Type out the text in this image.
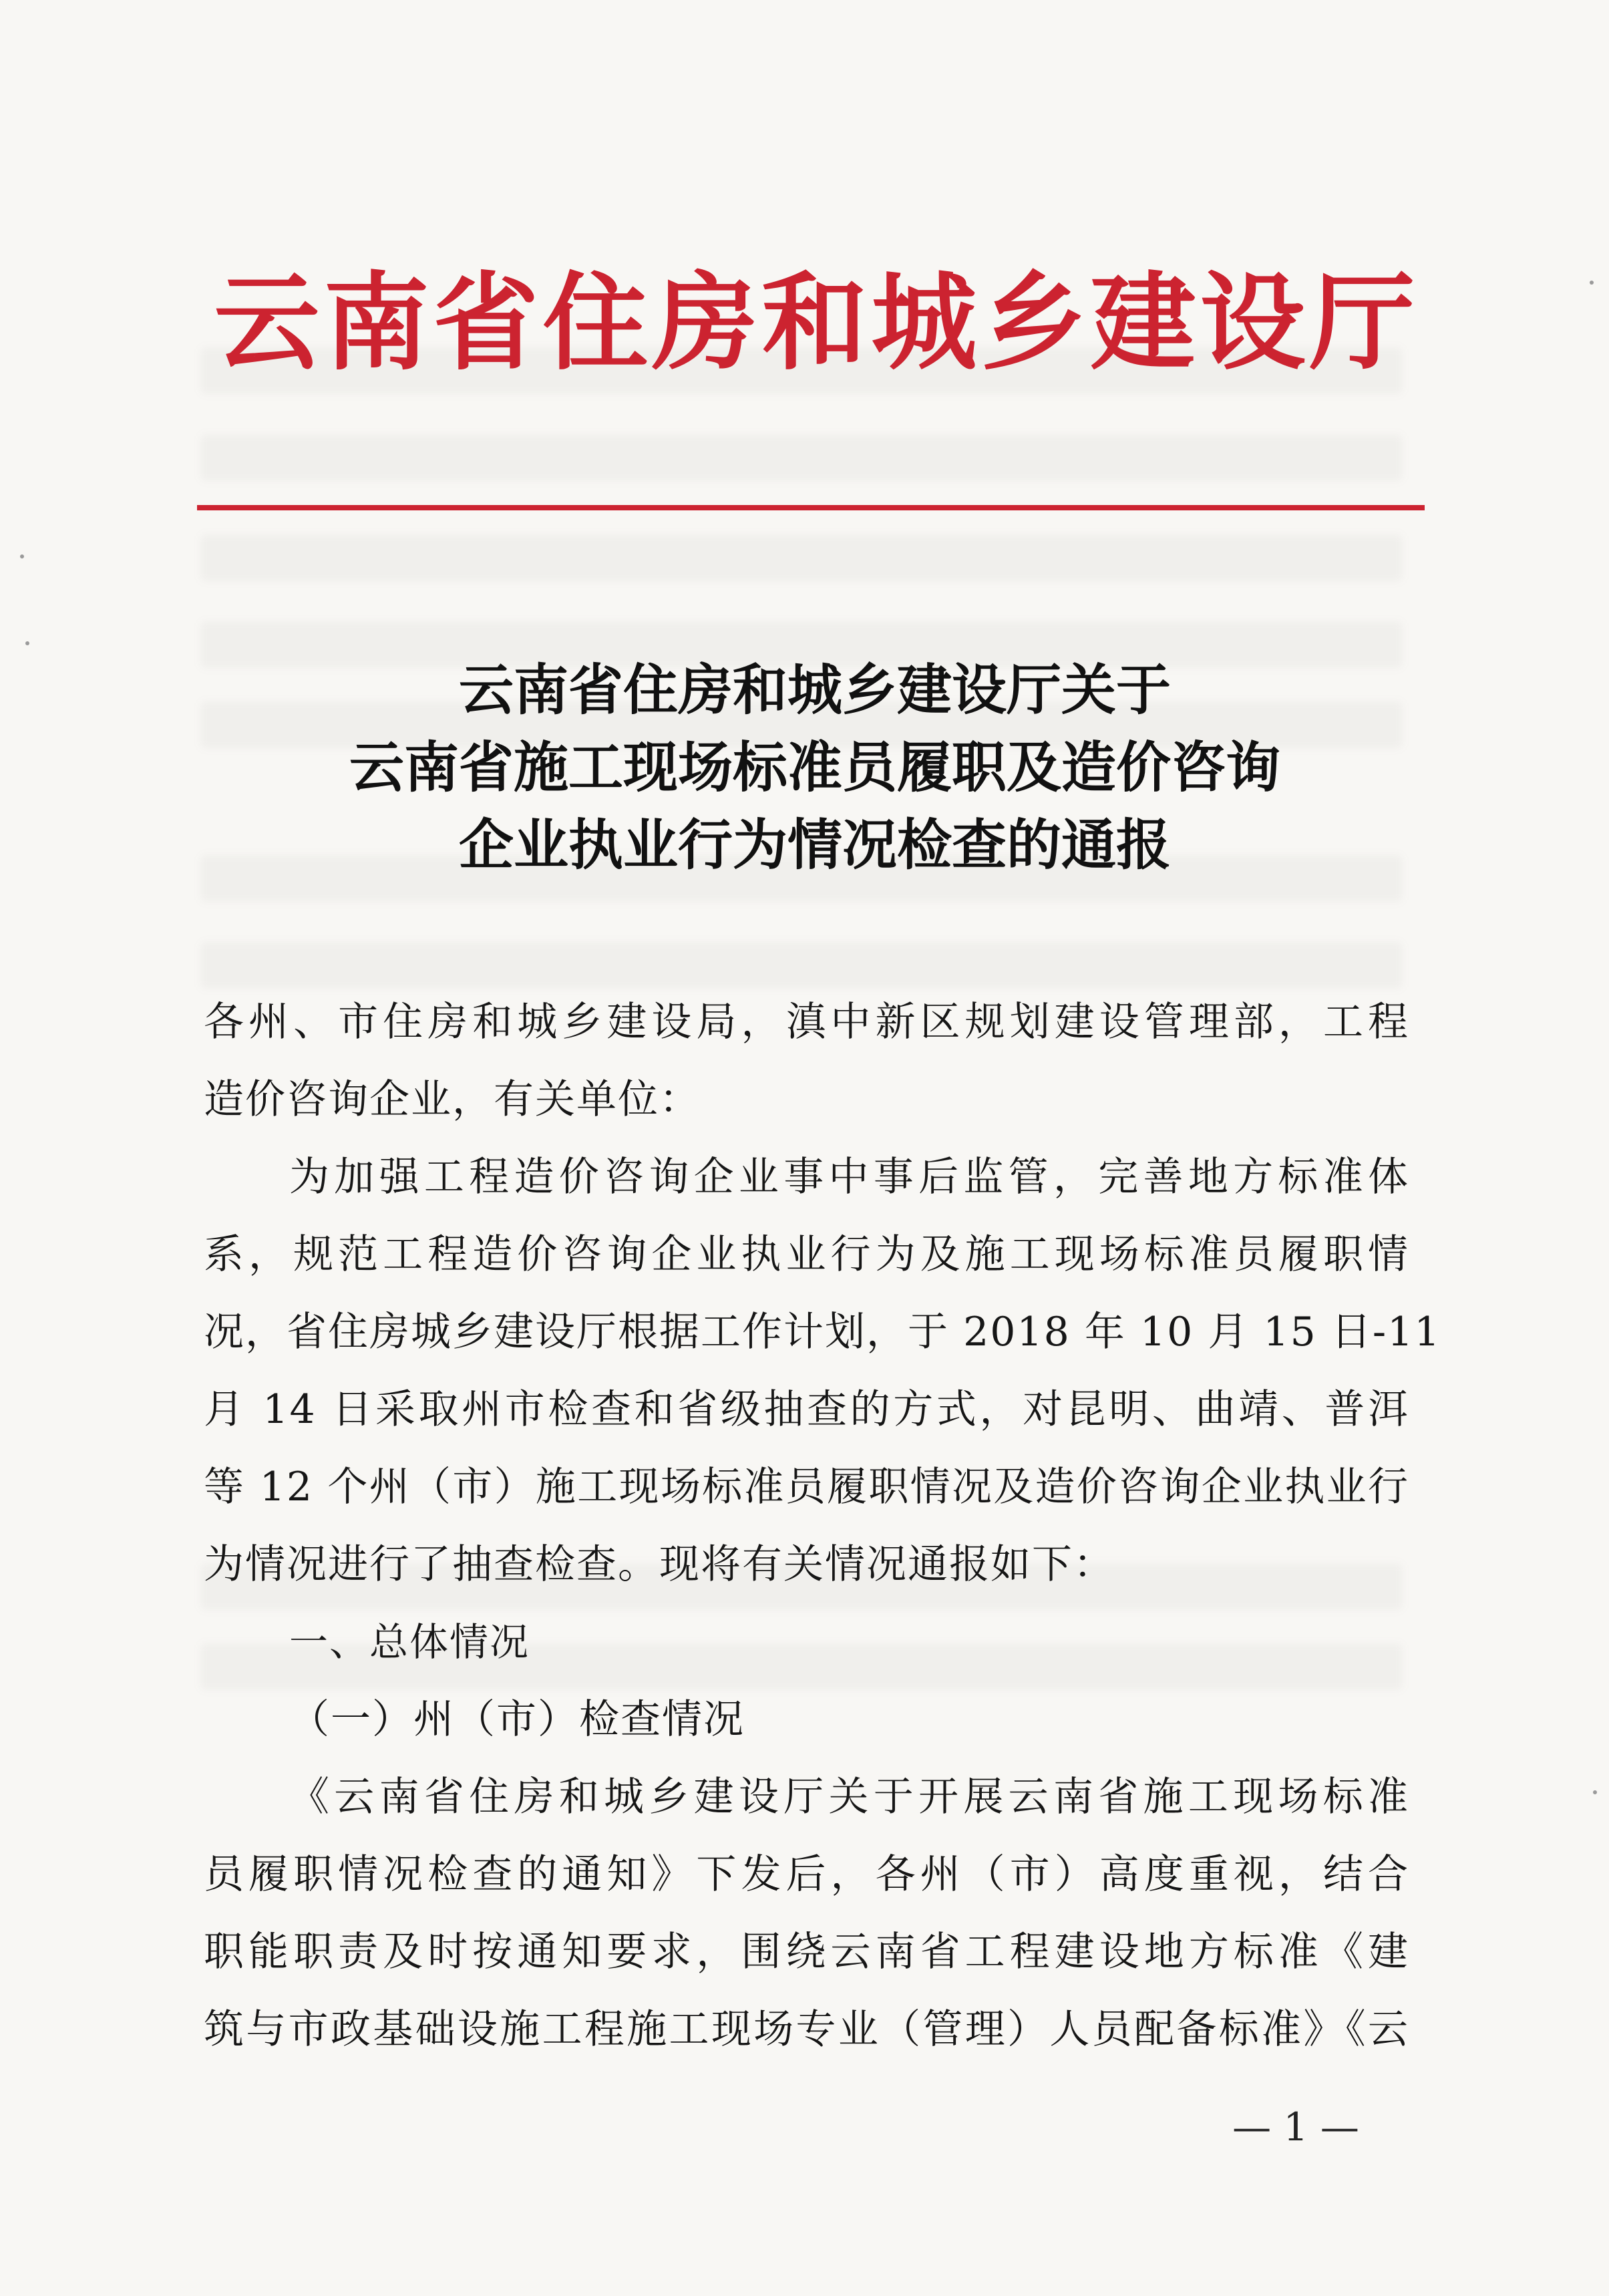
云南省住房和城乡建设厅
云南省住房和城乡建设厅关于
云南省施工现场标准员履职及造价咨询
企业执业行为情况检查的通报
各州、市住房和城乡建设局，滇中新区规划建设管理部，工程
造价咨询企业，有关单位：
为加强工程造价咨询企业事中事后监管，完善地方标准体
系，规范工程造价咨询企业执业行为及施工现场标准员履职情
况，省住房城乡建设厅根据工作计划，于 2018 年 10 月 15 日-11
月 14 日采取州市检查和省级抽查的方式，对昆明、曲靖、普洱
等 12 个州（市）施工现场标准员履职情况及造价咨询企业执业行
为情况进行了抽查检查。现将有关情况通报如下：
一、总体情况
（一）州（市）检查情况
《云南省住房和城乡建设厅关于开展云南省施工现场标准
员履职情况检查的通知》下发后，各州（市）高度重视，结合
职能职责及时按通知要求，围绕云南省工程建设地方标准《建
筑与市政基础设施工程施工现场专业（管理）人员配备标准》《云
— 1 —
